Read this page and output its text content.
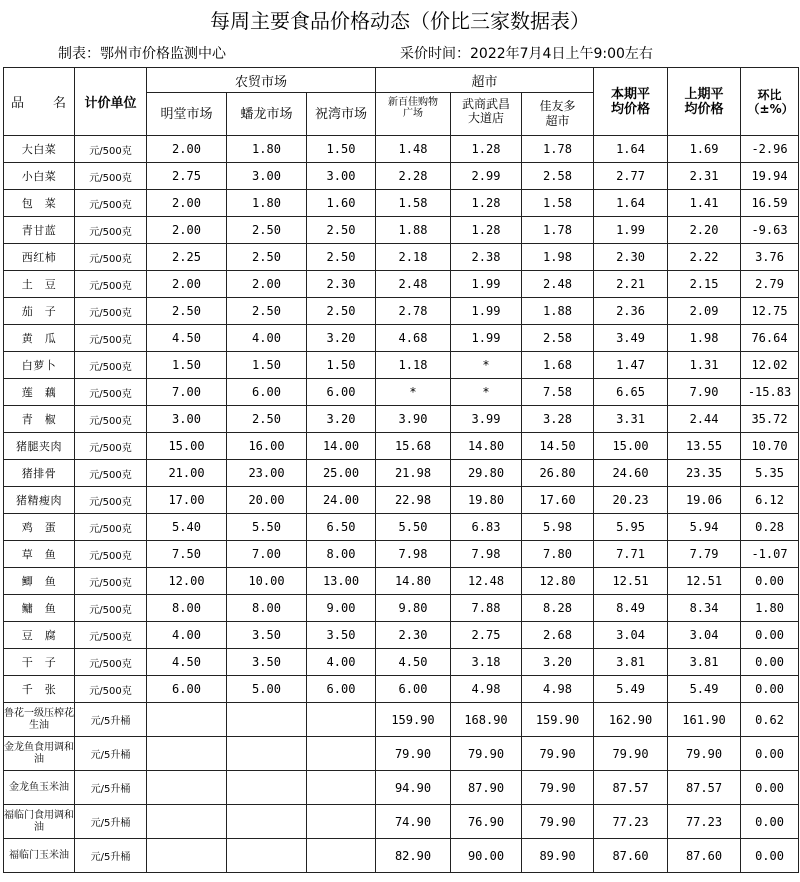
每周主要食品价格动态（价比三家数据表）
制表：鄂州市价格监测中心	采价时间：2022年7月4日上午9:00左右
品　　名	计价单位	农贸市场			超市			本期平均价格	上期平均价格	环比（±%）
		明堂市场	蟠龙市场	祝湾市场	新百佳购物广场	武商武昌大道店	佳友多超市			
大白菜	元/500克	2.00	1.80	1.50	1.48	1.28	1.78	1.64	1.69	-2.96
小白菜	元/500克	2.75	3.00	3.00	2.28	2.99	2.58	2.77	2.31	19.94
包　菜	元/500克	2.00	1.80	1.60	1.58	1.28	1.58	1.64	1.41	16.59
青甘蓝	元/500克	2.00	2.50	2.50	1.88	1.28	1.78	1.99	2.20	-9.63
西红柿	元/500克	2.25	2.50	2.50	2.18	2.38	1.98	2.30	2.22	3.76
土　豆	元/500克	2.00	2.00	2.30	2.48	1.99	2.48	2.21	2.15	2.79
茄　子	元/500克	2.50	2.50	2.50	2.78	1.99	1.88	2.36	2.09	12.75
黄　瓜	元/500克	4.50	4.00	3.20	4.68	1.99	2.58	3.49	1.98	76.64
白萝卜	元/500克	1.50	1.50	1.50	1.18	*	1.68	1.47	1.31	12.02
莲　藕	元/500克	7.00	6.00	6.00	*	*	7.58	6.65	7.90	-15.83
青　椒	元/500克	3.00	2.50	3.20	3.90	3.99	3.28	3.31	2.44	35.72
猪腿夹肉	元/500克	15.00	16.00	14.00	15.68	14.80	14.50	15.00	13.55	10.70
猪排骨	元/500克	21.00	23.00	25.00	21.98	29.80	26.80	24.60	23.35	5.35
猪精瘦肉	元/500克	17.00	20.00	24.00	22.98	19.80	17.60	20.23	19.06	6.12
鸡　蛋	元/500克	5.40	5.50	6.50	5.50	6.83	5.98	5.95	5.94	0.28
草　鱼	元/500克	7.50	7.00	8.00	7.98	7.98	7.80	7.71	7.79	-1.07
鲫　鱼	元/500克	12.00	10.00	13.00	14.80	12.48	12.80	12.51	12.51	0.00
鳙　鱼	元/500克	8.00	8.00	9.00	9.80	7.88	8.28	8.49	8.34	1.80
豆　腐	元/500克	4.00	3.50	3.50	2.30	2.75	2.68	3.04	3.04	0.00
干　子	元/500克	4.50	3.50	4.00	4.50	3.18	3.20	3.81	3.81	0.00
千　张	元/500克	6.00	5.00	6.00	6.00	4.98	4.98	5.49	5.49	0.00
鲁花一级压榨花生油	元/5升桶				159.90	168.90	159.90	162.90	161.90	0.62
金龙鱼食用调和油	元/5升桶				79.90	79.90	79.90	79.90	79.90	0.00
金龙鱼玉米油	元/5升桶				94.90	87.90	79.90	87.57	87.57	0.00
福临门食用调和油	元/5升桶				74.90	76.90	79.90	77.23	77.23	0.00
福临门玉米油	元/5升桶				82.90	90.00	89.90	87.60	87.60	0.00
